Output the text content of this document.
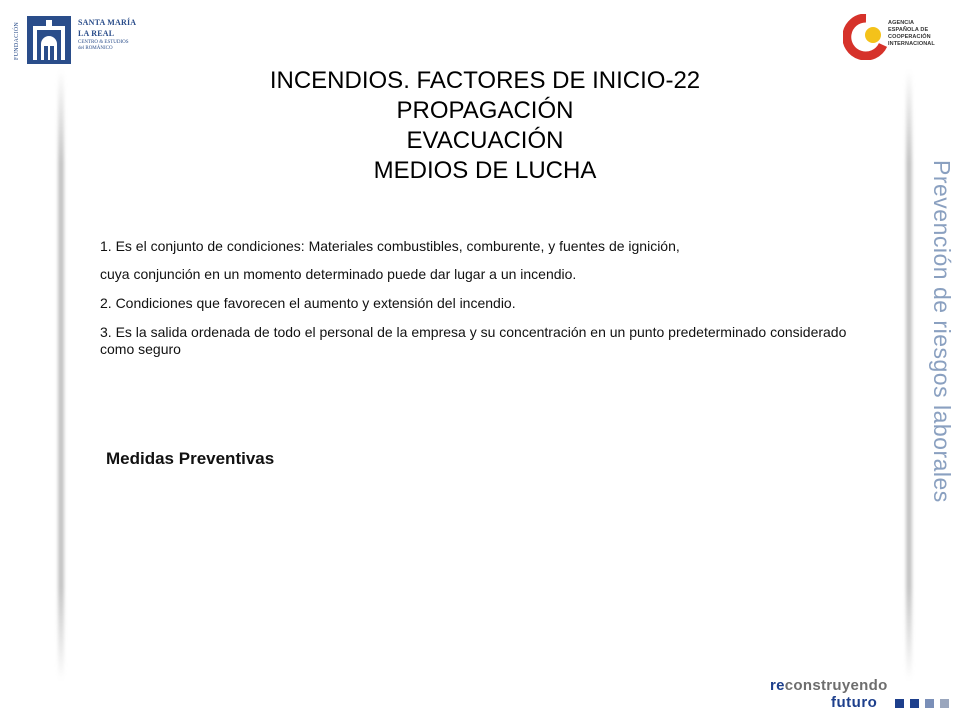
FUNDACIÓN	SANTA MARÍA
LA REAL
CENTRO & ESTUDIOS del ROMÁNICO
AGENCIA
ESPAÑOLA DE
COOPERACIÓN
INTERNACIONAL
INCENDIOS. FACTORES DE INICIO-22
PROPAGACIÓN
EVACUACIÓN
MEDIOS DE LUCHA

1. Es el conjunto de condiciones: Materiales combustibles, comburente, y fuentes de ignición,

cuya conjunción en un momento determinado puede dar lugar a un incendio.

2. Condiciones que favorecen el aumento y extensión del incendio.

3. Es la salida ordenada de todo el personal de la empresa y su concentración en un punto predeterminado considerado como seguro

Medidas Preventivas	Prevención de riesgos laborales
reconstruyendo
futuro
